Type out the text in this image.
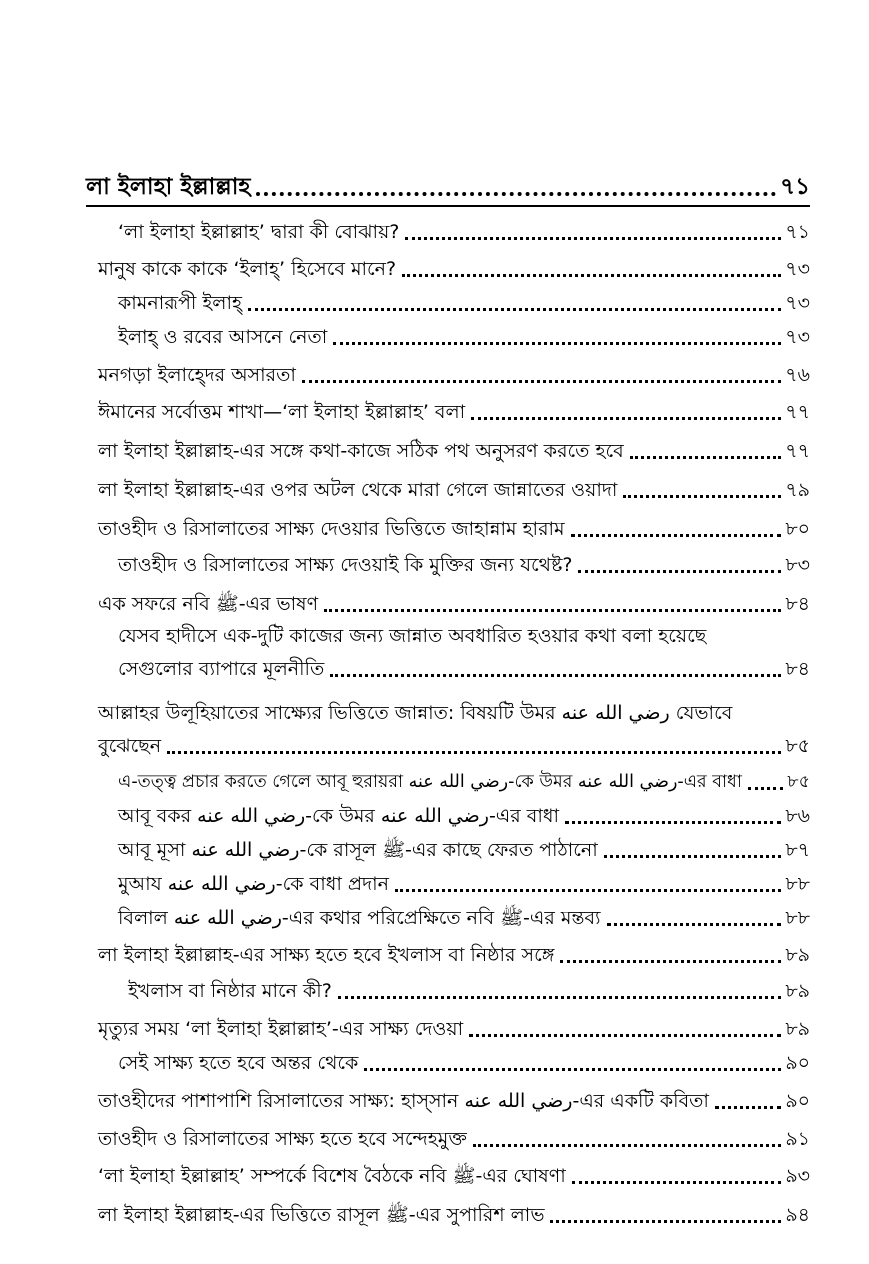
লা ইলাহা ইল্লাল্লাহ	৭১
‘লা ইলাহা ইল্লাল্লাহ’ দ্বারা কী বোঝায়?	৭১
মানুষ কাকে কাকে ‘ইলাহ্’ হিসেবে মানে?	৭৩
কামনারূপী ইলাহ্	৭৩
ইলাহ্ ও রবের আসনে নেতা	৭৩
মনগড়া ইলাহ্দের অসারতা	৭৬
ঈমানের সর্বোত্তম শাখা—‘লা ইলাহা ইল্লাল্লাহ’ বলা	৭৭
লা ইলাহা ইল্লাল্লাহ-এর সঙ্গে কথা-কাজে সঠিক পথ অনুসরণ করতে হবে	৭৭
লা ইলাহা ইল্লাল্লাহ-এর ওপর অটল থেকে মারা গেলে জান্নাতের ওয়াদা	৭৯
তাওহীদ ও রিসালাতের সাক্ষ্য দেওয়ার ভিত্তিতে জাহান্নাম হারাম	৮০
তাওহীদ ও রিসালাতের সাক্ষ্য দেওয়াই কি মুক্তির জন্য যথেষ্ট?	৮৩
এক সফরে নবি ﷺ-এর ভাষণ	৮৪
যেসব হাদীসে এক-দুটি কাজের জন্য জান্নাত অবধারিত হওয়ার কথা বলা হয়েছে
সেগুলোর ব্যাপারে মূলনীতি	৮৪
আল্লাহর উলূহিয়াতের সাক্ষ্যের ভিত্তিতে জান্নাত: বিষয়টি উমর رضي الله عنه যেভাবে
বুঝেছেন	৮৫
এ-তত্ত্ব প্রচার করতে গেলে আবূ হুরায়রা رضي الله عنه-কে উমর رضي الله عنه-এর বাধা	৮৫
আবূ বকর رضي الله عنه-কে উমর رضي الله عنه-এর বাধা	৮৬
আবূ মূসা رضي الله عنه-কে রাসূল ﷺ-এর কাছে ফেরত পাঠানো	৮৭
মুআয رضي الله عنه-কে বাধা প্রদান	৮৮
বিলাল رضي الله عنه-এর কথার পরিপ্রেক্ষিতে নবি ﷺ-এর মন্তব্য	৮৮
লা ইলাহা ইল্লাল্লাহ-এর সাক্ষ্য হতে হবে ইখলাস বা নিষ্ঠার সঙ্গে	৮৯
ইখলাস বা নিষ্ঠার মানে কী?	৮৯
মৃত্যুর সময় ‘লা ইলাহা ইল্লাল্লাহ’-এর সাক্ষ্য দেওয়া	৮৯
সেই সাক্ষ্য হতে হবে অন্তর থেকে	৯০
তাওহীদের পাশাপাশি রিসালাতের সাক্ষ্য: হাস্সান رضي الله عنه-এর একটি কবিতা	৯০
তাওহীদ ও রিসালাতের সাক্ষ্য হতে হবে সন্দেহমুক্ত	৯১
‘লা ইলাহা ইল্লাল্লাহ’ সম্পর্কে বিশেষ বৈঠকে নবি ﷺ-এর ঘোষণা	৯৩
লা ইলাহা ইল্লাল্লাহ-এর ভিত্তিতে রাসূল ﷺ-এর সুপারিশ লাভ	৯৪
